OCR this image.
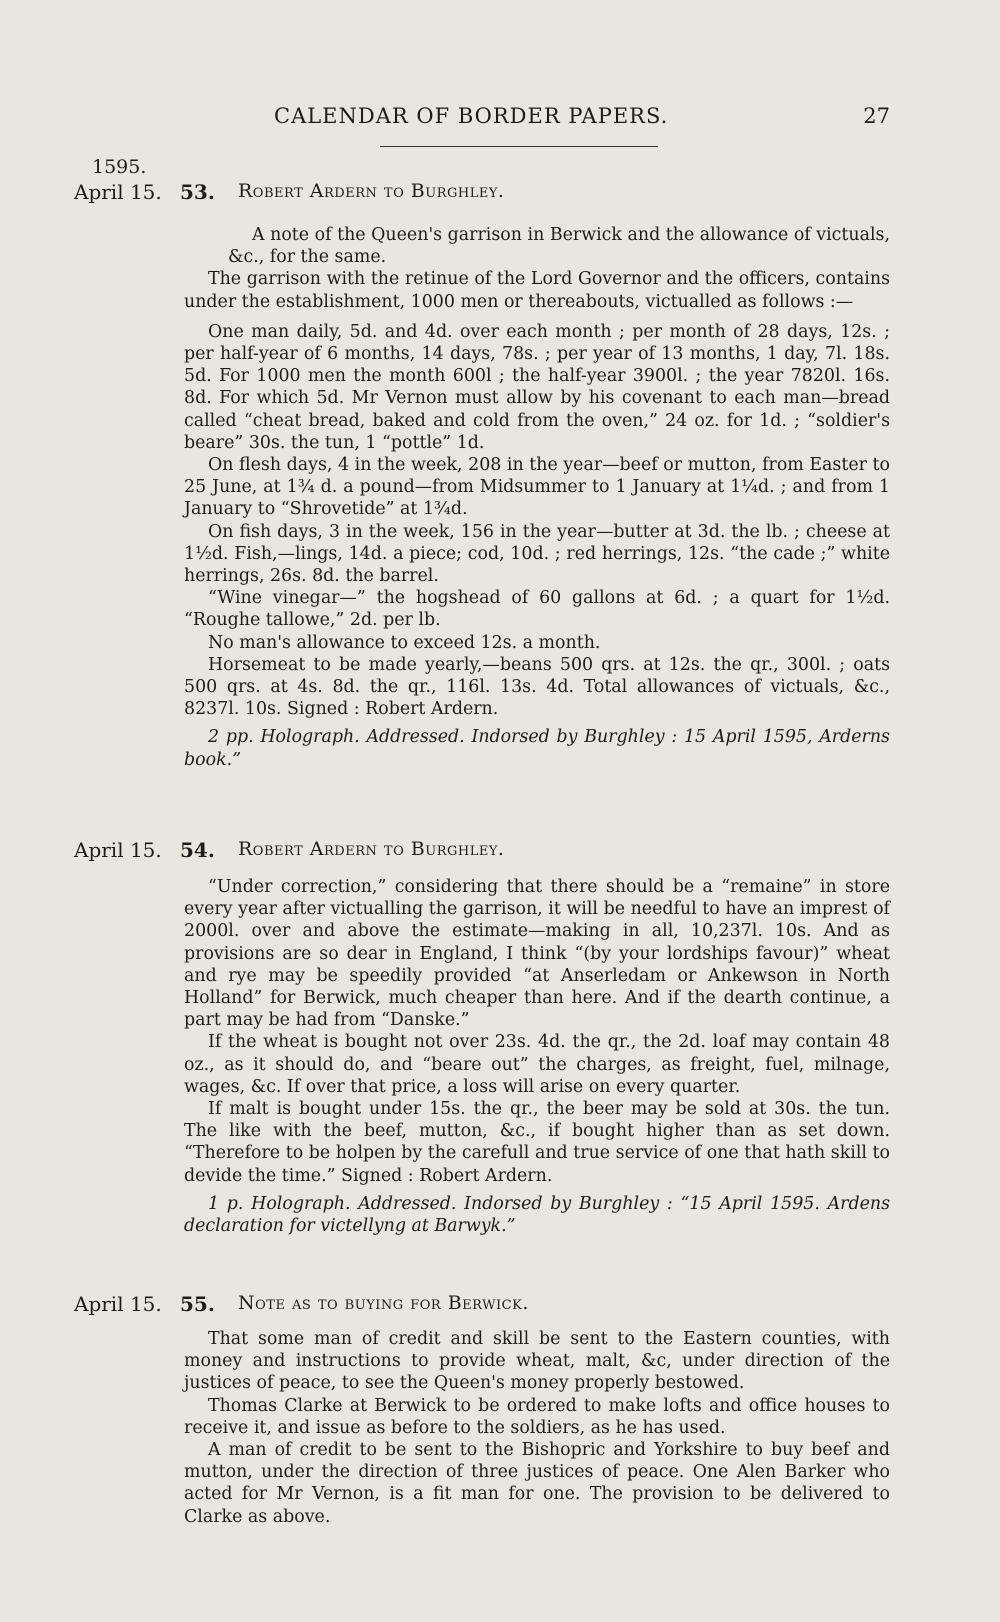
CALENDAR OF BORDER PAPERS.	27
1595.
April 15. 53. Robert Ardern to Burghley.

A note of the Queen's garrison in Berwick and the allowance of victuals, &c., for the same.

The garrison with the retinue of the Lord Governor and the officers, contains under the establishment, 1000 men or thereabouts, victualled as follows :—

One man daily, 5d. and 4d. over each month ; per month of 28 days, 12s. ; per half-year of 6 months, 14 days, 78s. ; per year of 13 months, 1 day, 7l. 18s. 5d. For 1000 men the month 600l ; the half-year 3900l. ; the year 7820l. 16s. 8d. For which 5d. Mr Vernon must allow by his covenant to each man—bread called “cheat bread, baked and cold from the oven,” 24 oz. for 1d. ; “soldier's beare” 30s. the tun, 1 “pottle” 1d.

On flesh days, 4 in the week, 208 in the year—beef or mutton, from Easter to 25 June, at 1¾ d. a pound—from Midsummer to 1 January at 1¼d. ; and from 1 January to “Shrovetide” at 1¾d.

On fish days, 3 in the week, 156 in the year—butter at 3d. the lb. ; cheese at 1½d. Fish,—lings, 14d. a piece; cod, 10d. ; red herrings, 12s. “the cade ;” white herrings, 26s. 8d. the barrel.

“Wine vinegar—” the hogshead of 60 gallons at 6d. ; a quart for 1½d. “Roughe tallowe,” 2d. per lb.

No man's allowance to exceed 12s. a month.

Horsemeat to be made yearly,—beans 500 qrs. at 12s. the qr., 300l. ; oats 500 qrs. at 4s. 8d. the qr., 116l. 13s. 4d. Total allowances of victuals, &c., 8237l. 10s. Signed : Robert Ardern.

2 pp. Holograph. Addressed. Indorsed by Burghley : 15 April 1595, Arderns book.”

April 15. 54. Robert Ardern to Burghley.

“Under correction,” considering that there should be a “remaine” in store every year after victualling the garrison, it will be needful to have an imprest of 2000l. over and above the estimate—making in all, 10,237l. 10s. And as provisions are so dear in England, I think “(by your lordships favour)” wheat and rye may be speedily provided “at Anserledam or Ankewson in North Holland” for Berwick, much cheaper than here. And if the dearth continue, a part may be had from “Danske.”

If the wheat is bought not over 23s. 4d. the qr., the 2d. loaf may contain 48 oz., as it should do, and “beare out” the charges, as freight, fuel, milnage, wages, &c. If over that price, a loss will arise on every quarter.

If malt is bought under 15s. the qr., the beer may be sold at 30s. the tun. The like with the beef, mutton, &c., if bought higher than as set down. “Therefore to be holpen by the carefull and true service of one that hath skill to devide the time.” Signed : Robert Ardern.

1 p. Holograph. Addressed. Indorsed by Burghley : “15 April 1595. Ardens declaration for victellyng at Barwyk.”

April 15. 55. Note as to buying for Berwick.

That some man of credit and skill be sent to the Eastern counties, with money and instructions to provide wheat, malt, &c, under direction of the justices of peace, to see the Queen's money properly bestowed.

Thomas Clarke at Berwick to be ordered to make lofts and office houses to receive it, and issue as before to the soldiers, as he has used.

A man of credit to be sent to the Bishopric and Yorkshire to buy beef and mutton, under the direction of three justices of peace. One Alen Barker who acted for Mr Vernon, is a fit man for one. The provision to be delivered to Clarke as above.
